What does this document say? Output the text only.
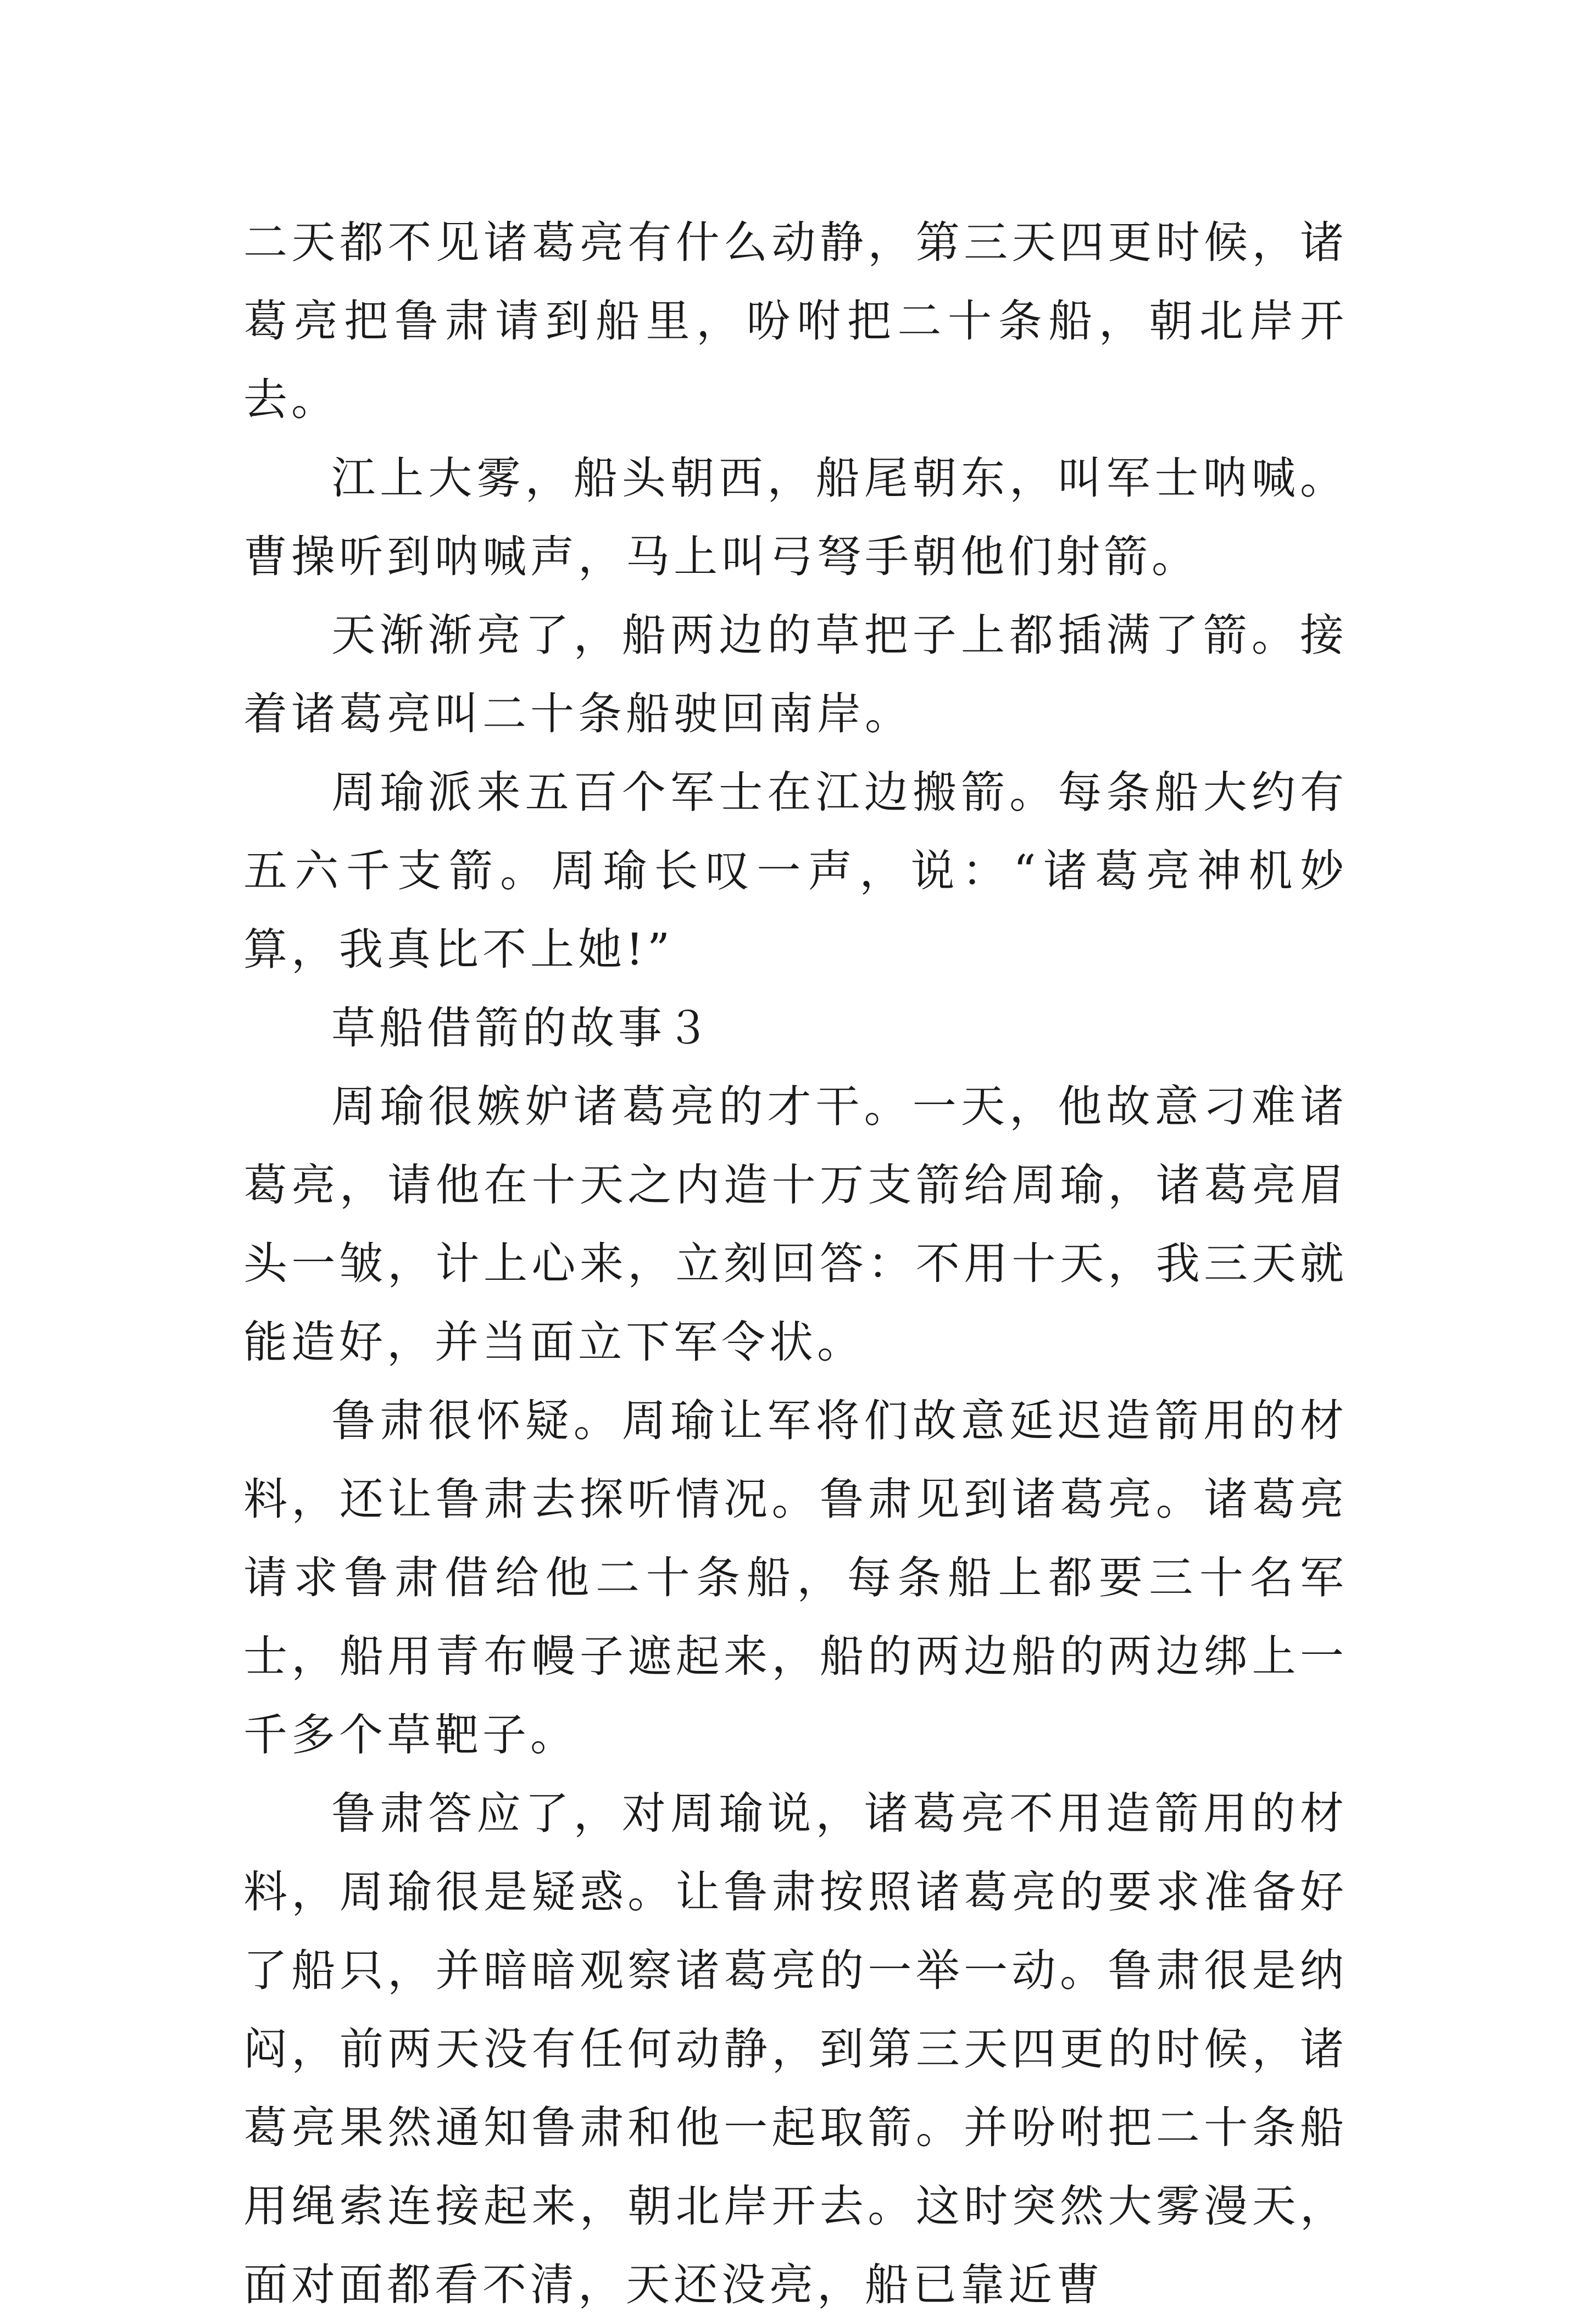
二天都不见诸葛亮有什么动静，第三天四更时候，诸葛亮把鲁肃请到船里，吩咐把二十条船，朝北岸开去。

江上大雾，船头朝西，船尾朝东，叫军士呐喊。曹操听到呐喊声，马上叫弓弩手朝他们射箭。

天渐渐亮了，船两边的草把子上都插满了箭。接着诸葛亮叫二十条船驶回南岸。

周瑜派来五百个军士在江边搬箭。每条船大约有五六千支箭。周瑜长叹一声，说：“诸葛亮神机妙算，我真比不上她!”

草船借箭的故事３

周瑜很嫉妒诸葛亮的才干。一天，他故意刁难诸葛亮，请他在十天之内造十万支箭给周瑜，诸葛亮眉头一皱，计上心来，立刻回答：不用十天，我三天就能造好，并当面立下军令状。

鲁肃很怀疑。周瑜让军将们故意延迟造箭用的材料，还让鲁肃去探听情况。鲁肃见到诸葛亮。诸葛亮请求鲁肃借给他二十条船，每条船上都要三十名军士，船用青布幔子遮起来，船的两边船的两边绑上一千多个草靶子。

鲁肃答应了，对周瑜说，诸葛亮不用造箭用的材料，周瑜很是疑惑。让鲁肃按照诸葛亮的要求准备好了船只，并暗暗观察诸葛亮的一举一动。鲁肃很是纳闷，前两天没有任何动静，到第三天四更的时候，诸葛亮果然通知鲁肃和他一起取箭。并吩咐把二十条船用绳索连接起来，朝北岸开去。这时突然大雾漫天，面对面都看不清，天还没亮，船已靠近曹
